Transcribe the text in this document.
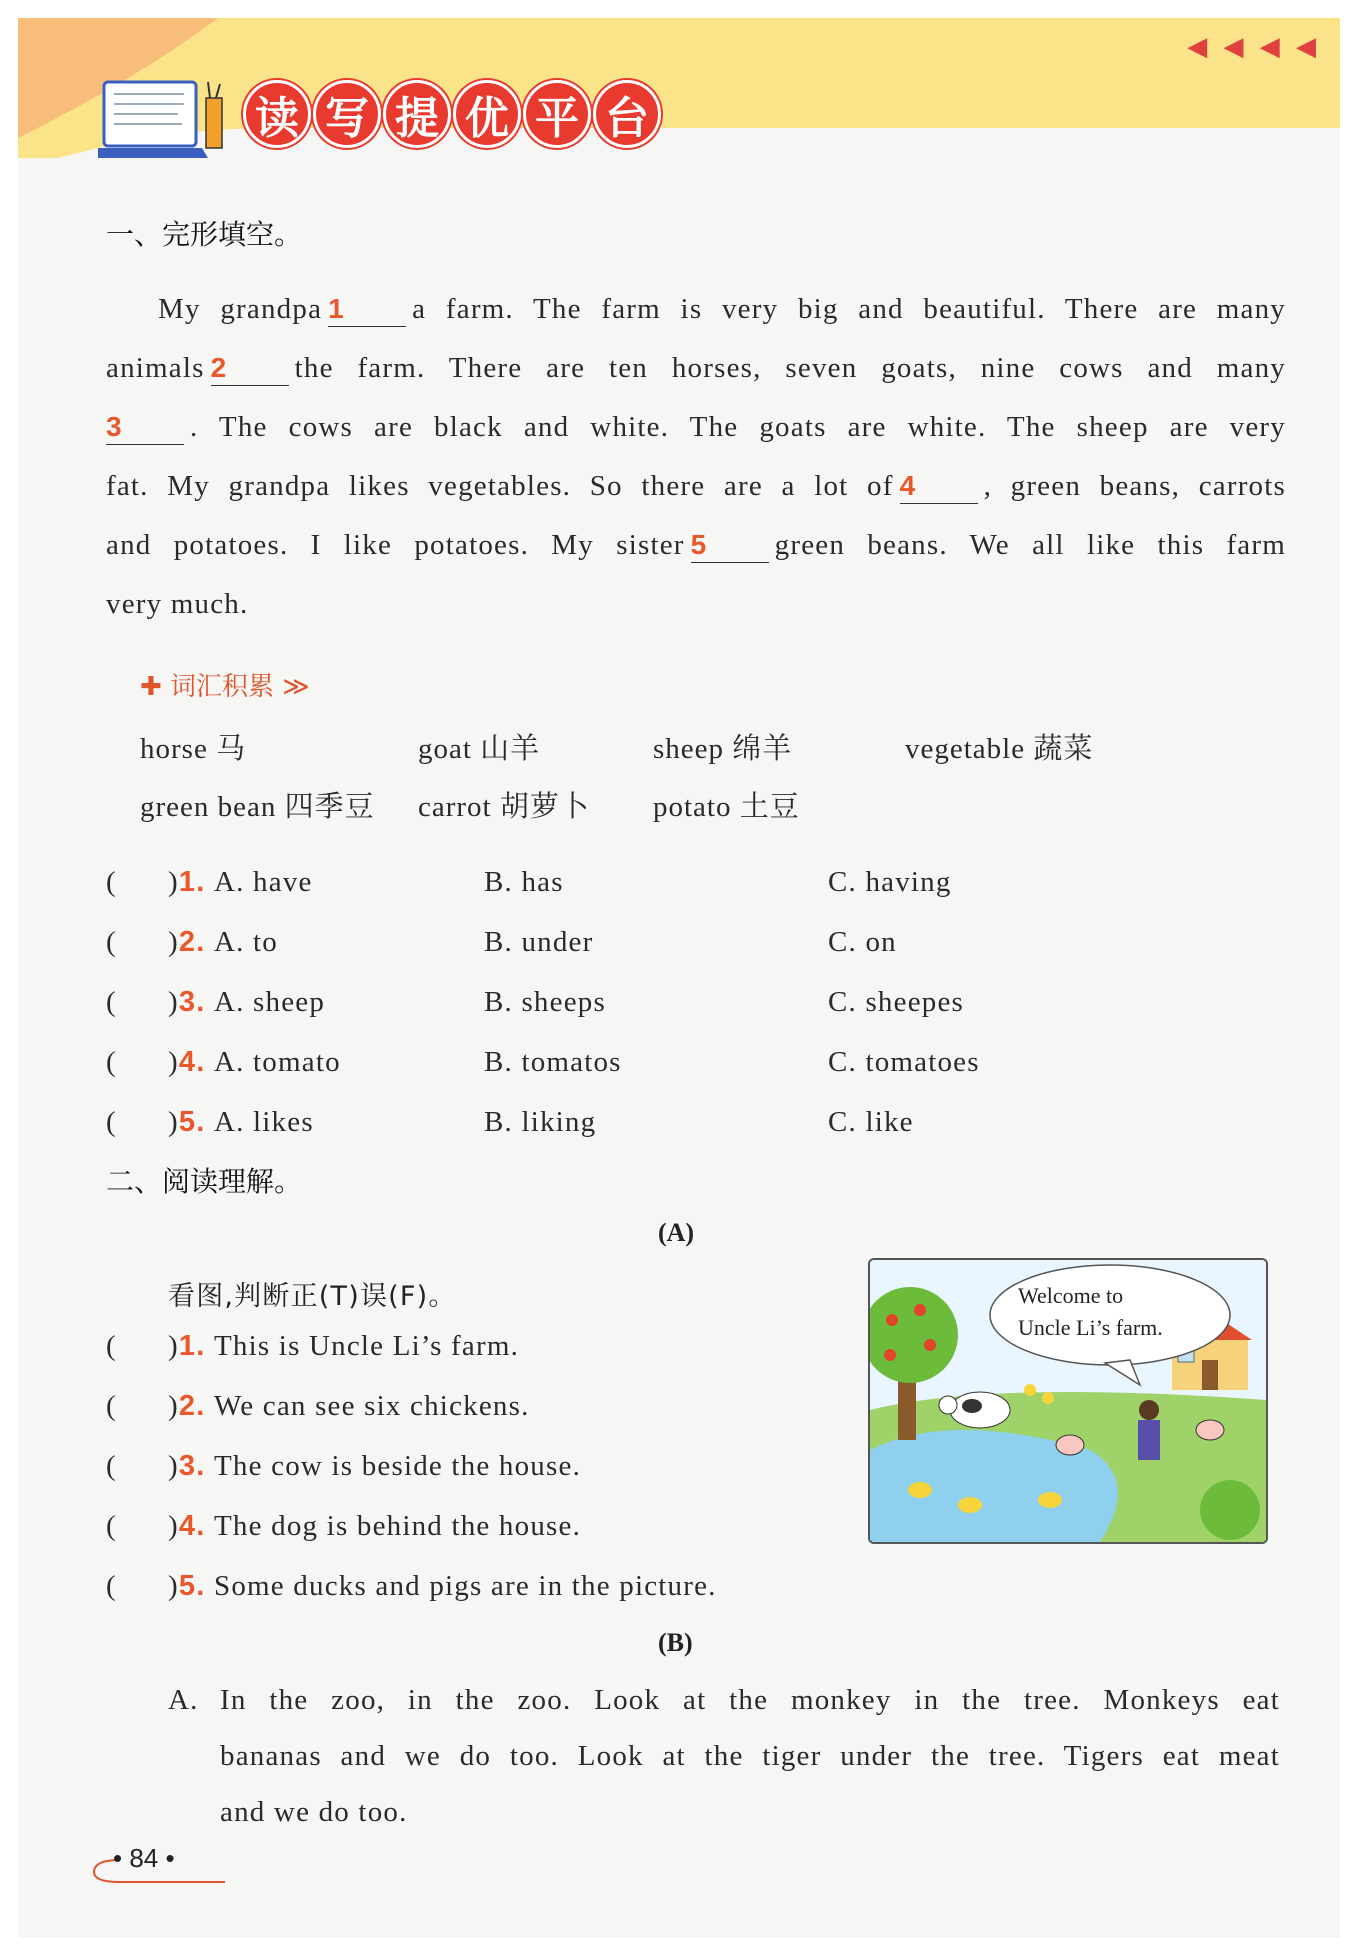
◀ ◀ ◀ ◀
读 写 提 优 平 台
一、完形填空。
My grandpa 1 a farm. The farm is very big and beautiful. There are many
animals 2 the farm. There are ten horses, seven goats, nine cows and many
3 . The cows are black and white. The goats are white. The sheep are very
fat. My grandpa likes vegetables. So there are a lot of 4 , green beans, carrots
and potatoes. I like potatoes. My sister 5 green beans. We all like this farm
very much.
✚ 词汇积累 ≫
horse 马	goat 山羊	sheep 绵羊	vegetable 蔬菜
green bean 四季豆 carrot 胡萝卜 potato 土豆
( )1. A. have	B. has	C. having
( )2. A. to	B. under	C. on
( )3. A. sheep	B. sheeps	C. sheepes
( )4. A. tomato	B. tomatos	C. tomatoes
( )5. A. likes	B. liking	C. like
二、阅读理解。
(A)
看图,判断正(T)误(F)。
( )1. This is Uncle Li’s farm.
( )2. We can see six chickens.
( )3. The cow is beside the house.
( )4. The dog is behind the house.
( )5. Some ducks and pigs are in the picture.
Welcome to
Uncle Li’s farm.
(B)
A. In the zoo, in the zoo. Look at the monkey in the tree. Monkeys eat
bananas and we do too. Look at the tiger under the tree. Tigers eat meat
and we do too.
• 84 •
